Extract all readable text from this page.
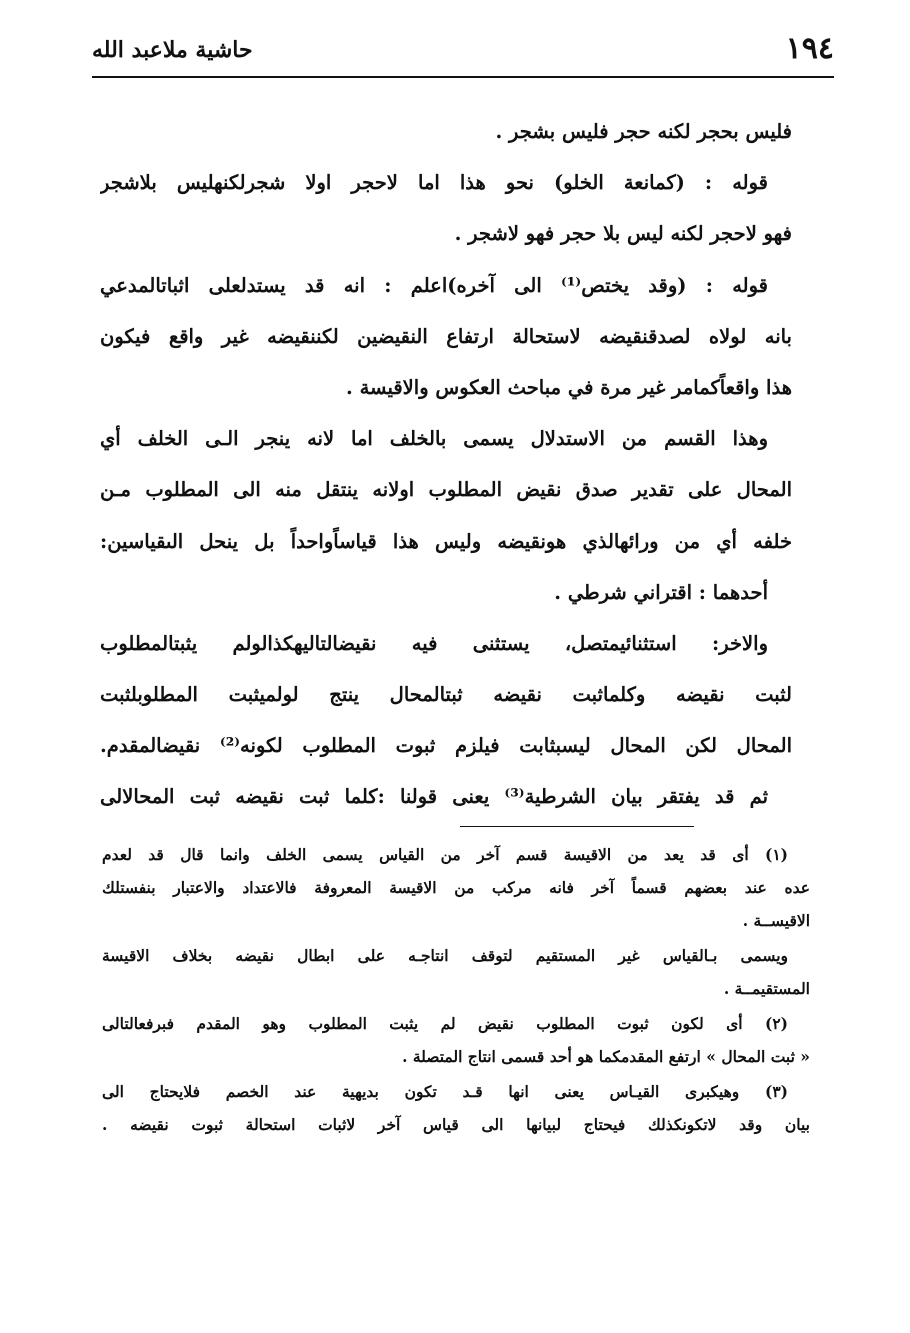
١٩٤
حاشية ملاعبد الله
فليس بحجر لكنه حجر فليس بشجر .
قوله : (كمانعة الخلو) نحو هذا اما لاحجر اولا شجرلكنهليس بلاشجر
فهو لاحجر لكنه ليس بلا حجر فهو لاشجر .
قوله : (وقد يختص⁽¹⁾ الى آخره)اعلم : انه قد يستدلعلى اثباتالمدعي
بانه لولاه لصدقنقيضه لاستحالة ارتفاع النقيضين لكننقيضه غير واقع فيكون
هذا واقعاًكمامر غير مرة في مباحث العكوس والاقيسة .
وهذا القسم من الاستدلال يسمى بالخلف اما لانه ينجر الـى الخلف أي
المحال على تقدير صدق نقيض المطلوب اولانه ينتقل منه الى المطلوب مـن
خلفه أي من ورائهالذي هونقيضه وليس هذا قياساًواحداً بل ينحل الىقياسين:
أحدهما : اقتراني شرطي .
والاخر: استثنائيمتصل، يستثنى فيه نقيضالتاليهكذالولم يثبتالمطلوب
لثبت نقيضه وكلماثبت نقيضه ثبتالمحال ينتج لولميثبت المطلوبلثبت
المحال لكن المحال ليسبثابت فيلزم ثبوت المطلوب لكونه⁽²⁾ نقيضالمقدم.
ثم قد يفتقر بيان الشرطية⁽³⁾ يعنى قولنا :كلما ثبت نقيضه ثبت المحالالى
(١) أى قد يعد من الاقيسة قسم آخر من القياس يسمى الخلف وانما قال قد لعدم
عده عند بعضهم قسماً آخر فانه مركب من الاقيسة المعروفة فالاعتداد والاعتبار بنفستلك
الاقيســة .
ويسمى بـالقياس غير المستقيم لتوقف انتاجـه على ابطال نقيضه بخلاف الاقيسة
المستقيمــة .
(٢) أى لكون ثبوت المطلوب نقيض لم يثبت المطلوب وهو المقدم فبرفعالتالى
« ثبت المحال » ارتفع المقدمكما هو أحد قسمى انتاج المتصلة .
(٣) وهيكبرى القيـاس يعنى انها قـد تكون بديهية عند الخصم فلايحتاج الى
بيان وقد لاتكونكذلك فيحتاج لبيانها الى قياس آخر لاثبات استحالة ثبوت نقيضه .
